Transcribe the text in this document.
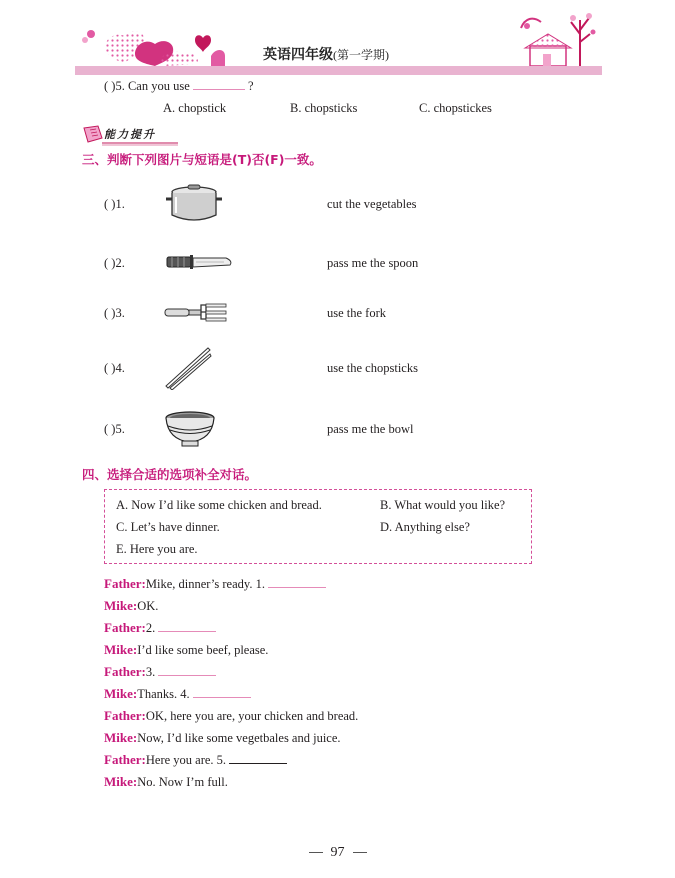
英语四年级(第一学期)
( )5. Can you use	?
A. chopstick	B. chopsticks	C. chopstickes
能力提升
三、判断下列图片与短语是(T)否(F)一致。
( )1.	cut the vegetables
( )2.	pass me the spoon
( )3.	use the fork
( )4.	use the chopsticks
( )5.	pass me the bowl
四、选择合适的选项补全对话。
A. Now I’d like some chicken and bread.	B. What would you like?
C. Let’s have dinner.	D. Anything else?
E. Here you are.
Father:Mike, dinner’s ready. 1.
Mike:OK.
Father:2.
Mike:I’d like some beef, please.
Father:3.
Mike:Thanks. 4.
Father:OK, here you are, your chicken and bread.
Mike:Now, I’d like some vegetbales and juice.
Father:Here you are. 5.
Mike:No. Now I’m full.
97
